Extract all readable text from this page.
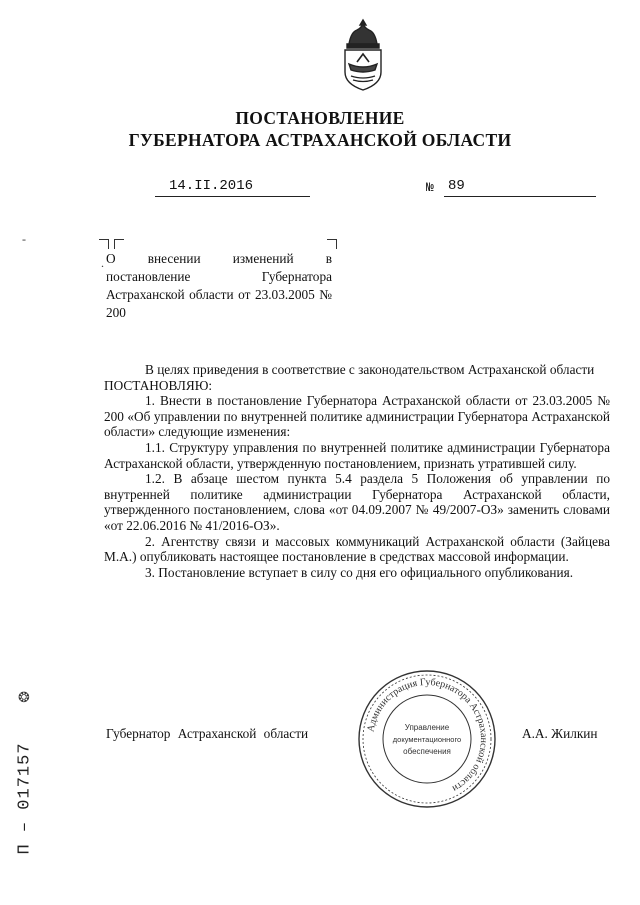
ПОСТАНОВЛЕНИЕ
ГУБЕРНАТОРА АСТРАХАНСКОЙ ОБЛАСТИ
14.II.2016	№ 89
-
. О внесении изменений в постановление Губернатора Астраханской области от 23.03.2005 № 200

В целях приведения в соответствие с законодательством Астраханской области

ПОСТАНОВЛЯЮ:

1. Внести в постановление Губернатора Астраханской области от 23.03.2005 № 200 «Об управлении по внутренней политике администрации Губернатора Астраханской области» следующие изменения:

1.1. Структуру управления по внутренней политике администрации Губернатора Астраханской области, утвержденную постановлением, признать утратившей силу.

1.2. В абзаце шестом пункта 5.4 раздела 5 Положения об управлении по внутренней политике администрации Губернатора Астраханской области, утвержденного постановлением, слова «от 04.09.2007 № 49/2007-ОЗ» заменить словами «от 22.06.2016 № 41/2016-ОЗ».

2. Агентству связи и массовых коммуникаций Астраханской области (Зайцева М.А.) опубликовать настоящее постановление в средствах массовой информации.

3. Постановление вступает в силу со дня его официального опубликования.

Губернатор Астраханской области	А.А. Жилкин
Администрация Губернатора Астраханской области
Управление
документационного
обеспечения
❂
П – 017157
